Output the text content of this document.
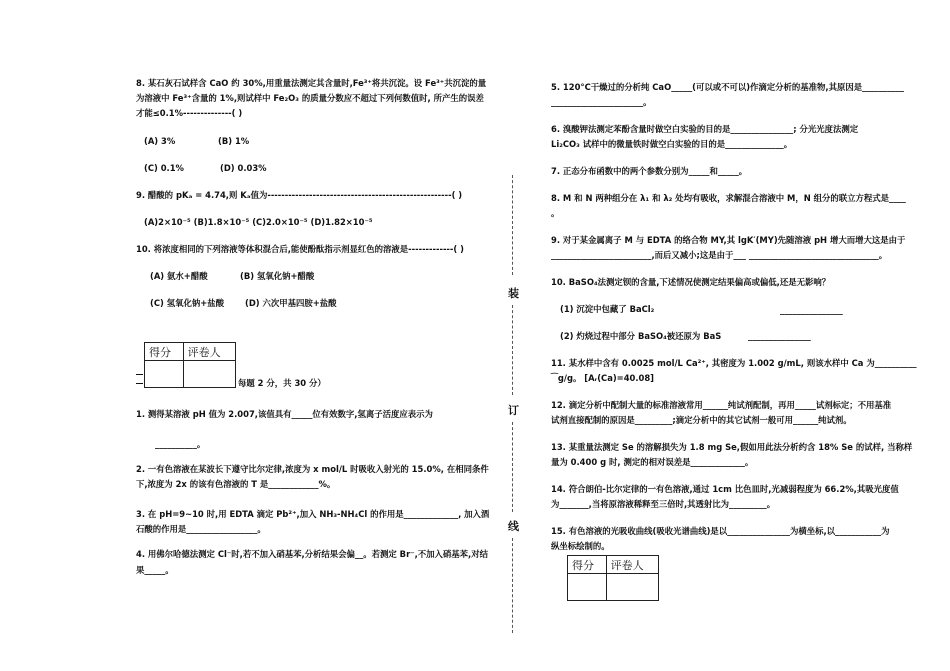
8. 某石灰石试样含 CaO 约 30%,用重量法测定其含量时,Fe³⁺将共沉淀。设 Fe³⁺共沉淀的量
为溶液中 Fe³⁺含量的 1%,则试样中 Fe₂O₃ 的质量分数应不超过下列何数值时, 所产生的误差
才能≤0.1%--------------( )
(A) 3%	(B) 1%
(C) 0.1%	(D) 0.03%
9. 醋酸的 pKₐ = 4.74,则 Kₐ值为-----------------------------------------------------( )
(A)2×10⁻⁵ (B)1.8×10⁻⁵ (C)2.0×10⁻⁵ (D)1.82×10⁻⁵
10. 将浓度相同的下列溶液等体积混合后,能使酚酞指示剂显红色的溶液是-------------( )
(A) 氨水+醋酸	(B) 氢氧化钠+醋酸
(C) 氢氧化钠+盐酸	(D) 六次甲基四胺+盐酸
得分	评卷人

每题 2 分，共 30 分）
1. 测得某溶液 pH 值为 2.007,该值具有_____位有效数字,氢离子活度应表示为
__________。
2. 一有色溶液在某波长下遵守比尔定律,浓度为 x mol/L 时吸收入射光的 15.0%, 在相同条件
下,浓度为 2x 的该有色溶液的 T 是____________%。
3. 在 pH=9~10 时,用 EDTA 滴定 Pb²⁺,加入 NH₃-NH₄Cl 的作用是_____________, 加入酒
石酸的作用是_________________。
4. 用佛尔哈德法测定 Cl⁻时,若不加入硝基苯,分析结果会偏__。若测定 Br⁻,不加入硝基苯,对结
果_____。
装
订
线
5. 120°C干燥过的分析纯 CaO_____(可以或不可以)作滴定分析的基准物,其原因是__________
______________________。
6. 溴酸钾法测定苯酚含量时做空白实验的目的是_______________; 分光光度法测定
Li₂CO₃ 试样中的微量铁时做空白实验的目的是______________。
7. 正态分布函数中的两个参数分别为_____和_____。
8. M 和 N 两种组分在 λ₁ 和 λ₂ 处均有吸收，求解混合溶液中 M，N 组分的联立方程式是____
。
9. 对于某金属离子 M 与 EDTA 的络合物 MY,其 lgK′(MY)先随溶液 pH 增大而增大这是由于
________________________,而后又减小;这是由于___ _______________________________。
10. BaSO₄法测定钡的含量,下述情况使测定结果偏高或偏低,还是无影响？
(1) 沉淀中包藏了 BaCl₂	_______________
(2) 灼烧过程中部分 BaSO₄被还原为 BaS	_______________
11. 某水样中含有 0.0025 mol/L Ca²⁺, 其密度为 1.002 g/mL, 则该水样中 Ca 为__________
⁀g/g。 [Aᵣ(Ca)=40.08]
12. 滴定分析中配制大量的标准溶液常用______纯试剂配制，再用_____试剂标定；不用基准
试剂直接配制的原因是_________;滴定分析中的其它试剂一般可用______纯试剂。
13. 某重量法测定 Se 的溶解损失为 1.8 mg Se,假如用此法分析约含 18% Se 的试样, 当称样
量为 0.400 g 时, 测定的相对误差是_____________。
14. 符合朗伯-比尔定律的一有色溶液,通过 1cm 比色皿时,光减弱程度为 66.2%,其吸光度值
为_______,当将原溶液稀释至三倍时,其透射比为_________。
15. 有色溶液的光吸收曲线(吸收光谱曲线)是以_______________为横坐标,以___________为
纵坐标绘制的。
得分	评卷人
